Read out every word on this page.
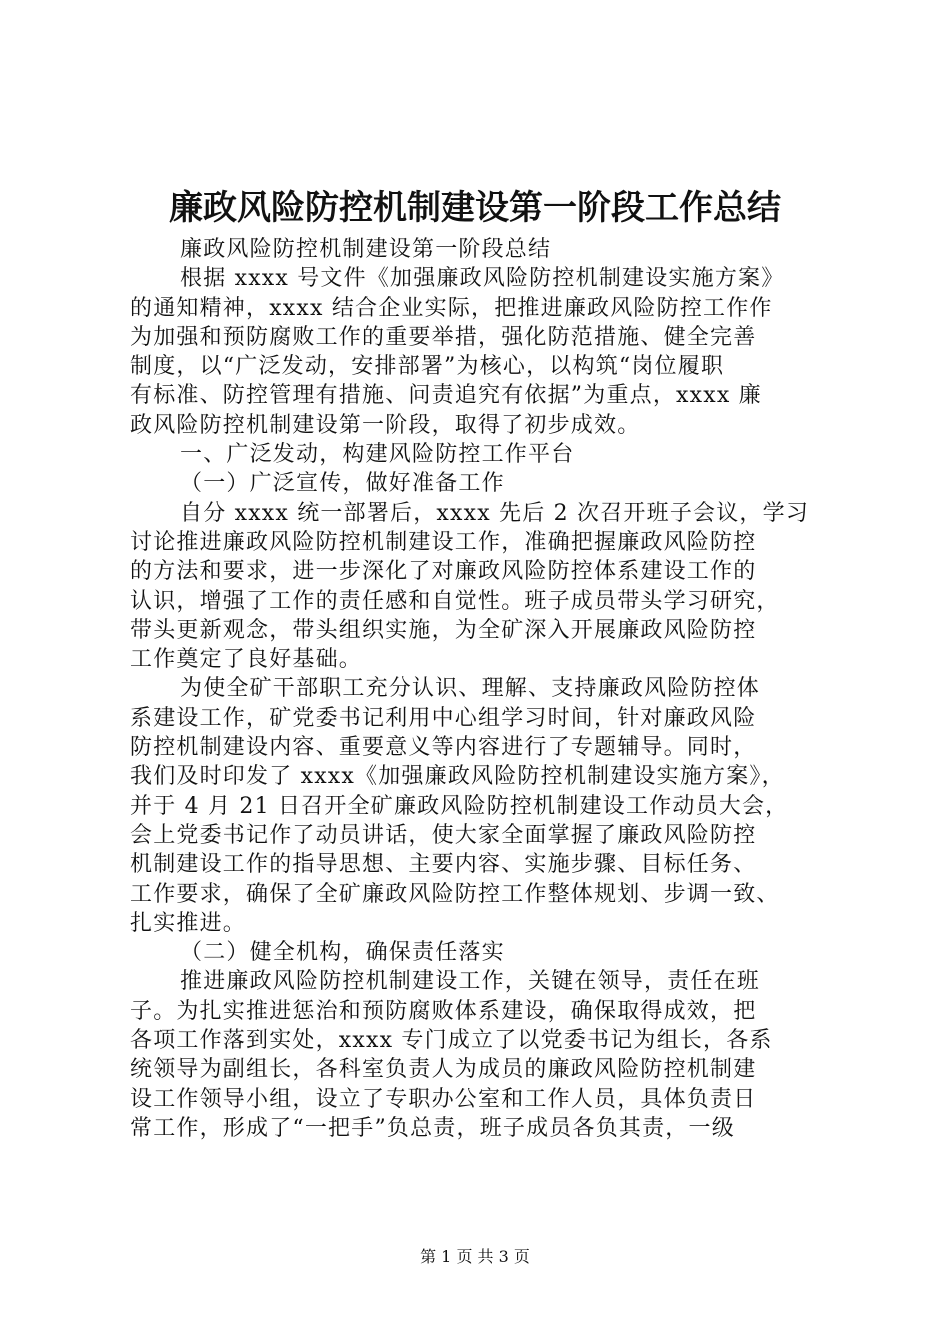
廉政风险防控机制建设第一阶段工作总结
廉政风险防控机制建设第一阶段总结
根据 xxxx 号文件《加强廉政风险防控机制建设实施方案》
的通知精神，xxxx 结合企业实际，把推进廉政风险防控工作作
为加强和预防腐败工作的重要举措，强化防范措施、健全完善
制度，以“广泛发动，安排部署”为核心，以构筑“岗位履职
有标准、防控管理有措施、问责追究有依据”为重点，xxxx 廉
政风险防控机制建设第一阶段，取得了初步成效。
一、广泛发动，构建风险防控工作平台
（一）广泛宣传，做好准备工作
自分 xxxx 统一部署后，xxxx 先后 2 次召开班子会议，学习
讨论推进廉政风险防控机制建设工作，准确把握廉政风险防控
的方法和要求，进一步深化了对廉政风险防控体系建设工作的
认识，增强了工作的责任感和自觉性。班子成员带头学习研究，
带头更新观念，带头组织实施，为全矿深入开展廉政风险防控
工作奠定了良好基础。
为使全矿干部职工充分认识、理解、支持廉政风险防控体
系建设工作，矿党委书记利用中心组学习时间，针对廉政风险
防控机制建设内容、重要意义等内容进行了专题辅导。同时，
我们及时印发了 xxxx《加强廉政风险防控机制建设实施方案》，
并于 4 月 21 日召开全矿廉政风险防控机制建设工作动员大会，
会上党委书记作了动员讲话，使大家全面掌握了廉政风险防控
机制建设工作的指导思想、主要内容、实施步骤、目标任务、
工作要求，确保了全矿廉政风险防控工作整体规划、步调一致、
扎实推进。
（二）健全机构，确保责任落实
推进廉政风险防控机制建设工作，关键在领导，责任在班
子。为扎实推进惩治和预防腐败体系建设，确保取得成效，把
各项工作落到实处，xxxx 专门成立了以党委书记为组长，各系
统领导为副组长，各科室负责人为成员的廉政风险防控机制建
设工作领导小组，设立了专职办公室和工作人员，具体负责日
常工作，形成了“一把手”负总责，班子成员各负其责，一级
第 1 页 共 3 页
